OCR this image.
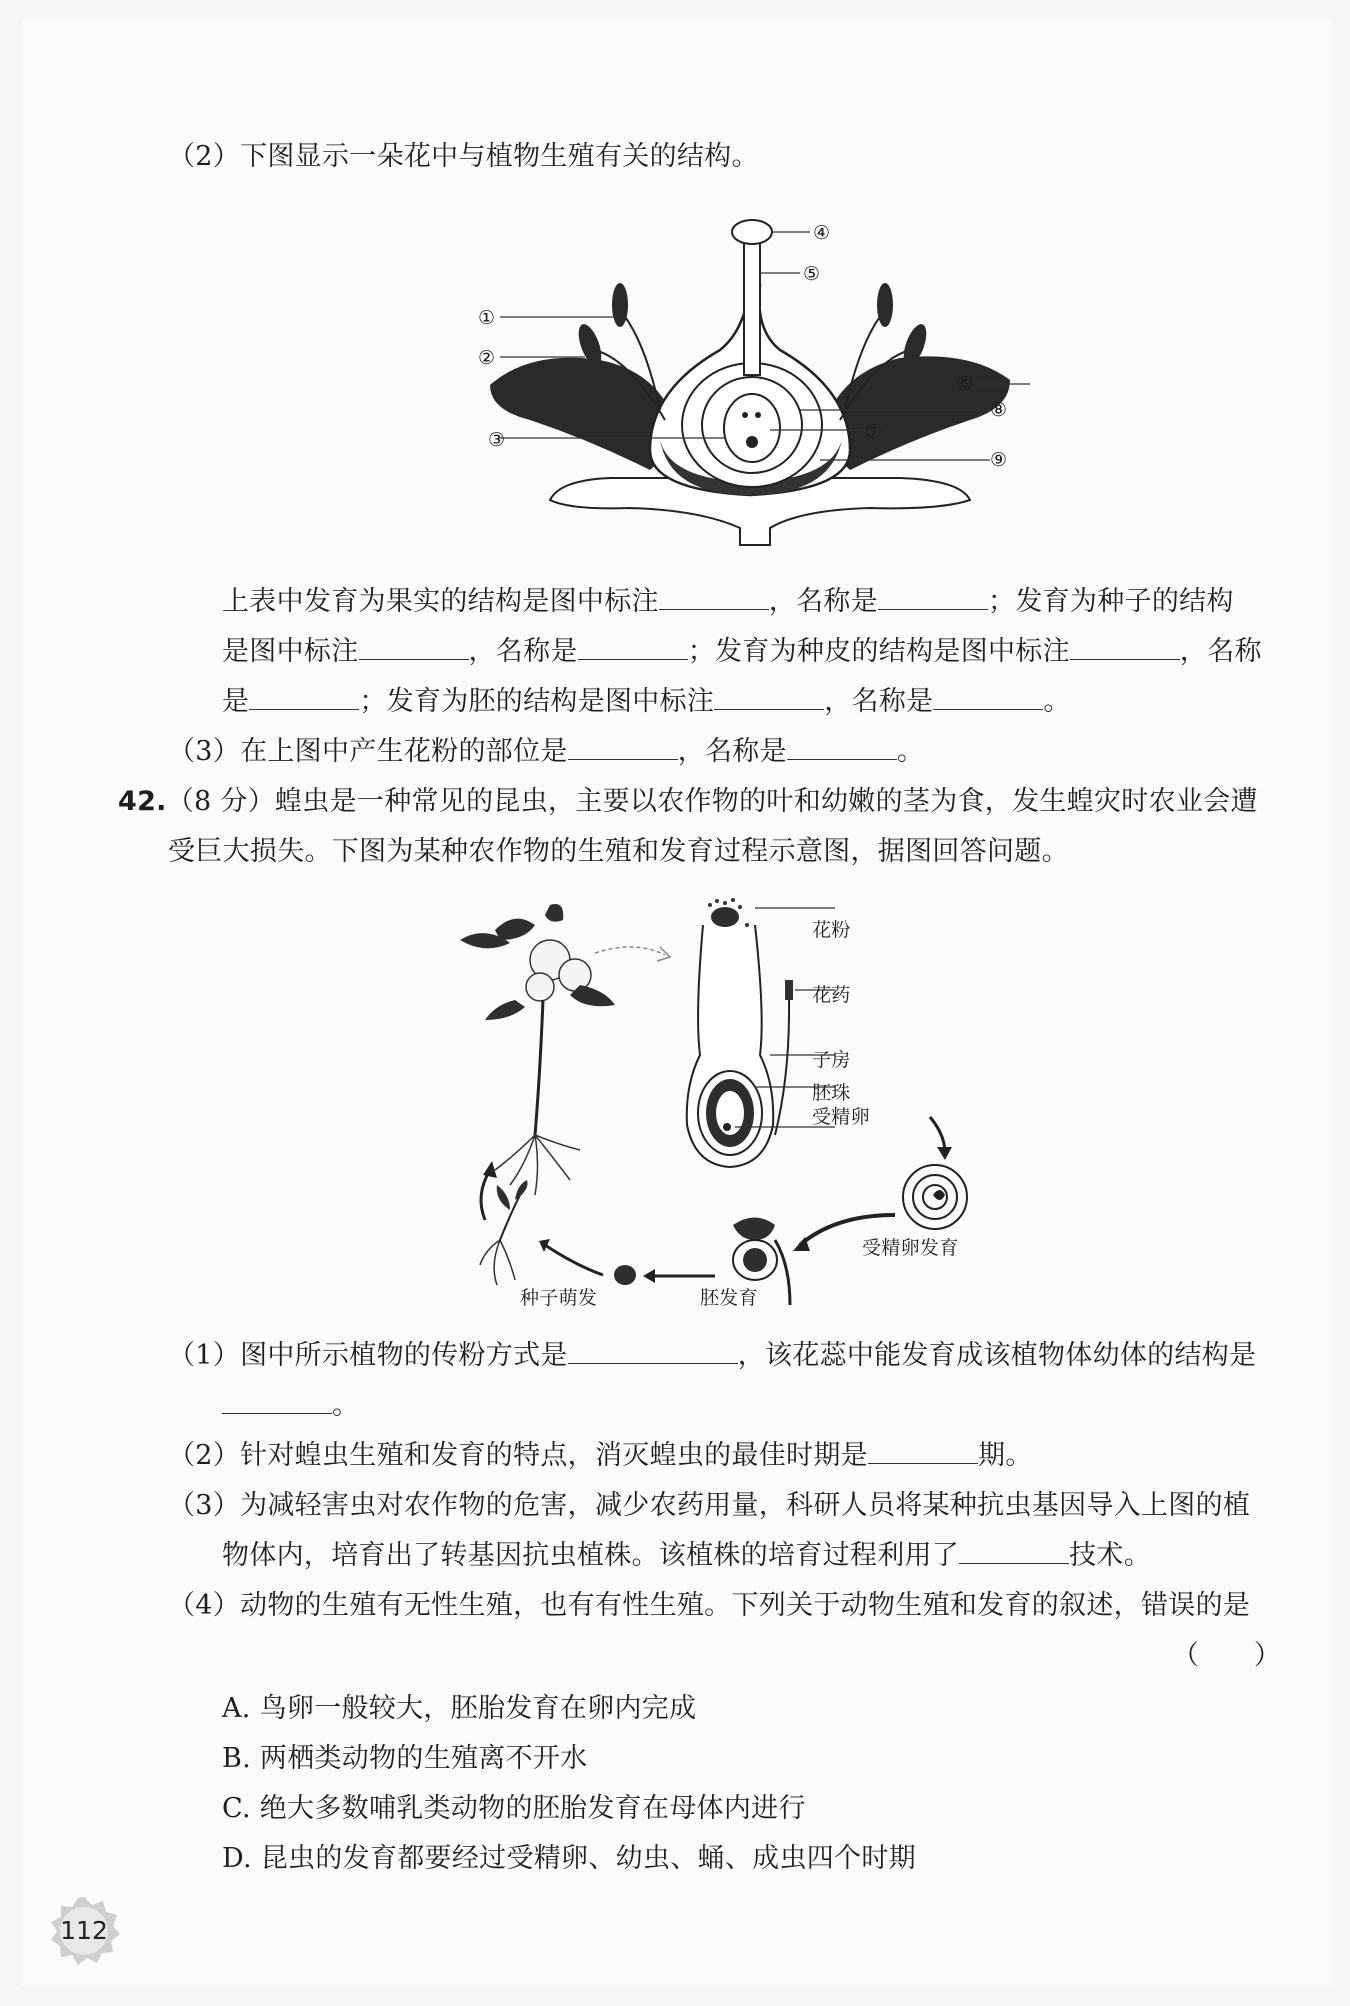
（2）下图显示一朵花中与植物生殖有关的结构。
④
⑤
①
②
③
⑥
⑦
⑧
⑨
上表中发育为果实的结构是图中标注	，名称是	；发育为种子的结构
是图中标注	，名称是	；发育为种皮的结构是图中标注	，名称
是	；发育为胚的结构是图中标注	，名称是	。
（3）在上图中产生花粉的部位是	，名称是	。
42.（8 分）蝗虫是一种常见的昆虫，主要以农作物的叶和幼嫩的茎为食，发生蝗灾时农业会遭
受巨大损失。下图为某种农作物的生殖和发育过程示意图，据图回答问题。
花粉
花药
子房
胚珠
受精卵
受精卵发育
胚发育
种子萌发
（1）图中所示植物的传粉方式是	，该花蕊中能发育成该植物体幼体的结构是
。
（2）针对蝗虫生殖和发育的特点，消灭蝗虫的最佳时期是	期。
（3）为减轻害虫对农作物的危害，减少农药用量，科研人员将某种抗虫基因导入上图的植
物体内，培育出了转基因抗虫植株。该植株的培育过程利用了	技术。
（4）动物的生殖有无性生殖，也有有性生殖。下列关于动物生殖和发育的叙述，错误的是
（　　）
A. 鸟卵一般较大，胚胎发育在卵内完成
B. 两栖类动物的生殖离不开水
C. 绝大多数哺乳类动物的胚胎发育在母体内进行
D. 昆虫的发育都要经过受精卵、幼虫、蛹、成虫四个时期
112
